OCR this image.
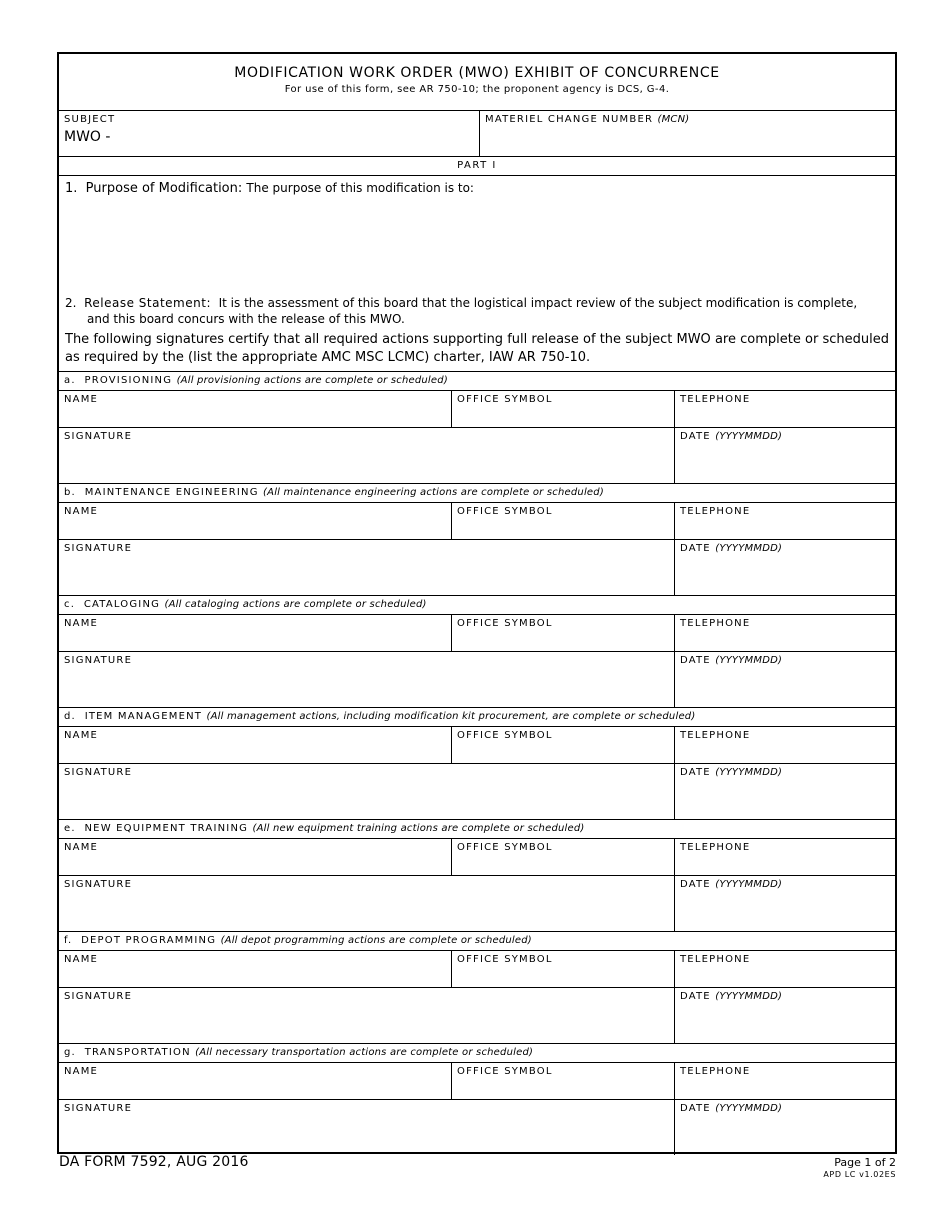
MODIFICATION WORK ORDER (MWO) EXHIBIT OF CONCURRENCE
For use of this form, see AR 750-10; the proponent agency is DCS, G-4.
SUBJECT
MWO -
MATERIEL CHANGE NUMBER (MCN)
PART I
1. Purpose of Modification: The purpose of this modification is to:
2. Release Statement: It is the assessment of this board that the logistical impact review of the subject modification is complete,
and this board concurs with the release of this MWO.
The following signatures certify that all required actions supporting full release of the subject MWO are complete or scheduled as required by the (list the appropriate AMC MSC LCMC) charter, IAW AR 750-10.
a. PROVISIONING (All provisioning actions are complete or scheduled)
NAME	OFFICE SYMBOL	TELEPHONE
SIGNATURE	DATE (YYYYMMDD)
b. MAINTENANCE ENGINEERING (All maintenance engineering actions are complete or scheduled)
NAME	OFFICE SYMBOL	TELEPHONE
SIGNATURE	DATE (YYYYMMDD)
c. CATALOGING (All cataloging actions are complete or scheduled)
NAME	OFFICE SYMBOL	TELEPHONE
SIGNATURE	DATE (YYYYMMDD)
d. ITEM MANAGEMENT (All management actions, including modification kit procurement, are complete or scheduled)
NAME	OFFICE SYMBOL	TELEPHONE
SIGNATURE	DATE (YYYYMMDD)
e. NEW EQUIPMENT TRAINING (All new equipment training actions are complete or scheduled)
NAME	OFFICE SYMBOL	TELEPHONE
SIGNATURE	DATE (YYYYMMDD)
f. DEPOT PROGRAMMING (All depot programming actions are complete or scheduled)
NAME	OFFICE SYMBOL	TELEPHONE
SIGNATURE	DATE (YYYYMMDD)
g. TRANSPORTATION (All necessary transportation actions are complete or scheduled)
NAME	OFFICE SYMBOL	TELEPHONE
SIGNATURE	DATE (YYYYMMDD)
DA FORM 7592, AUG 2016	Page 1 of 2
APD LC v1.02ES
